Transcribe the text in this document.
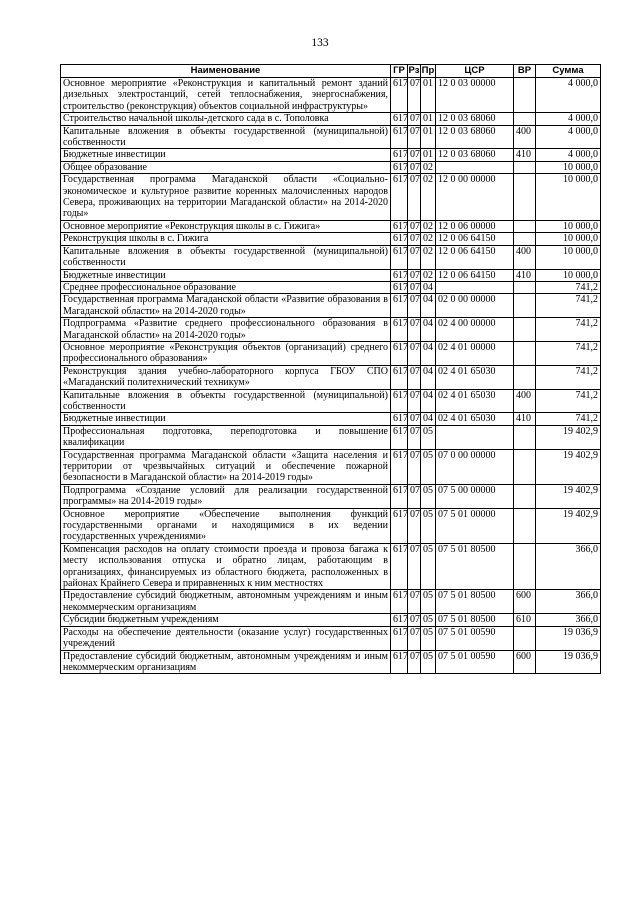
133
Наименование	ГР	Рз	Пр	ЦСР	ВР	Сумма
Основное мероприятие «Реконструкция и капитальный ремонт зданий дизельных электростанций, сетей теплоснабжения, энергоснабжения, строительство (реконструкция) объектов социальной инфраструктуры»	617	07	01	12 0 03 00000		4 000,0
Строительство начальной школы-детского сада в с. Тополовка	617	07	01	12 0 03 68060		4 000,0
Капитальные вложения в объекты государственной (муниципальной) собственности	617	07	01	12 0 03 68060	400	4 000,0
Бюджетные инвестиции	617	07	01	12 0 03 68060	410	4 000,0
Общее образование	617	07	02			10 000,0
Государственная программа Магаданской области «Социально-экономическое и культурное развитие коренных малочисленных народов Севера, проживающих на территории Магаданской области» на 2014-2020 годы»	617	07	02	12 0 00 00000		10 000,0
Основное мероприятие «Реконструкция школы в с. Гижига»	617	07	02	12 0 06 00000		10 000,0
Реконструкция школы в с. Гижига	617	07	02	12 0 06 64150		10 000,0
Капитальные вложения в объекты государственной (муниципальной) собственности	617	07	02	12 0 06 64150	400	10 000,0
Бюджетные инвестиции	617	07	02	12 0 06 64150	410	10 000,0
Среднее профессиональное образование	617	07	04			741,2
Государственная программа Магаданской области «Развитие образования в Магаданской области» на 2014-2020 годы»	617	07	04	02 0 00 00000		741,2
Подпрограмма «Развитие среднего профессионального образования в Магаданской области» на 2014-2020 годы»	617	07	04	02 4 00 00000		741,2
Основное мероприятие «Реконструкция объектов (организаций) среднего профессионального образования»	617	07	04	02 4 01 00000		741,2
Реконструкция здания учебно-лабораторного корпуса ГБОУ СПО «Магаданский политехнический техникум»	617	07	04	02 4 01 65030		741,2
Капитальные вложения в объекты государственной (муниципальной) собственности	617	07	04	02 4 01 65030	400	741,2
Бюджетные инвестиции	617	07	04	02 4 01 65030	410	741,2
Профессиональная подготовка, переподготовка и повышение квалификации	617	07	05			19 402,9
Государственная программа Магаданской области «Защита населения и территории от чрезвычайных ситуаций и обеспечение пожарной безопасности в Магаданской области» на 2014-2019 годы»	617	07	05	07 0 00 00000		19 402,9
Подпрограмма «Создание условий для реализации государственной программы» на 2014-2019 годы»	617	07	05	07 5 00 00000		19 402,9
Основное мероприятие «Обеспечение выполнения функций государственными органами и находящимися в их ведении государственных учреждениями»	617	07	05	07 5 01 00000		19 402,9
Компенсация расходов на оплату стоимости проезда и провоза багажа к месту использования отпуска и обратно лицам, работающим в организациях, финансируемых из областного бюджета, расположенных в районах Крайнего Севера и приравненных к ним местностях	617	07	05	07 5 01 80500		366,0
Предоставление субсидий бюджетным, автономным учреждениям и иным некоммерческим организациям	617	07	05	07 5 01 80500	600	366,0
Субсидии бюджетным учреждениям	617	07	05	07 5 01 80500	610	366,0
Расходы на обеспечение деятельности (оказание услуг) государственных учреждений	617	07	05	07 5 01 00590		19 036,9
Предоставление субсидий бюджетным, автономным учреждениям и иным некоммерческим организациям	617	07	05	07 5 01 00590	600	19 036,9
